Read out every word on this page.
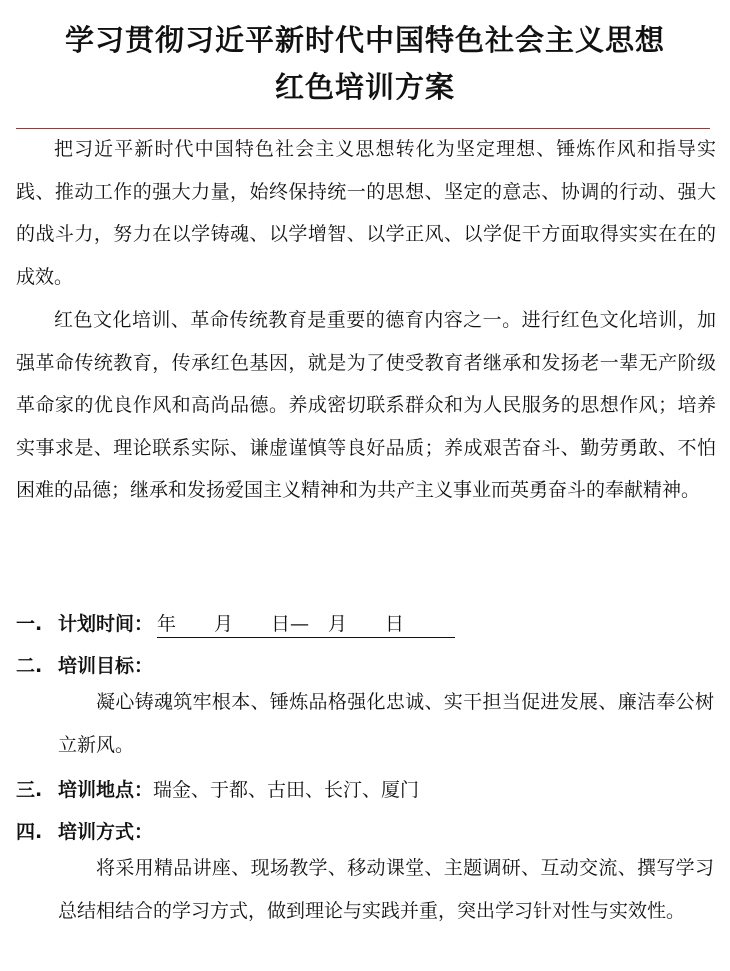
学习贯彻习近平新时代中国特色社会主义思想
红色培训方案

把习近平新时代中国特色社会主义思想转化为坚定理想、锤炼作风和指导实践、推动工作的强大力量，始终保持统一的思想、坚定的意志、协调的行动、强大的战斗力，努力在以学铸魂、以学增智、以学正风、以学促干方面取得实实在在的成效。

红色文化培训、革命传统教育是重要的德育内容之一。进行红色文化培训，加强革命传统教育，传承红色基因，就是为了使受教育者继承和发扬老一辈无产阶级革命家的优良作风和高尚品德。养成密切联系群众和为人民服务的思想作风；培养实事求是、理论联系实际、谦虚谨慎等良好品质；养成艰苦奋斗、勤劳勇敢、不怕困难的品德；继承和发扬爱国主义精神和为共产主义事业而英勇奋斗的奉献精神。

一. 计划时间： 年　　月　　日—　月　　日
二. 培训目标：

凝心铸魂筑牢根本、锤炼品格强化忠诚、实干担当促进发展、廉洁奉公树立新风。

三. 培训地点：瑞金、于都、古田、长汀、厦门
四. 培训方式：

将采用精品讲座、现场教学、移动课堂、主题调研、互动交流、撰写学习总结相结合的学习方式，做到理论与实践并重，突出学习针对性与实效性。
